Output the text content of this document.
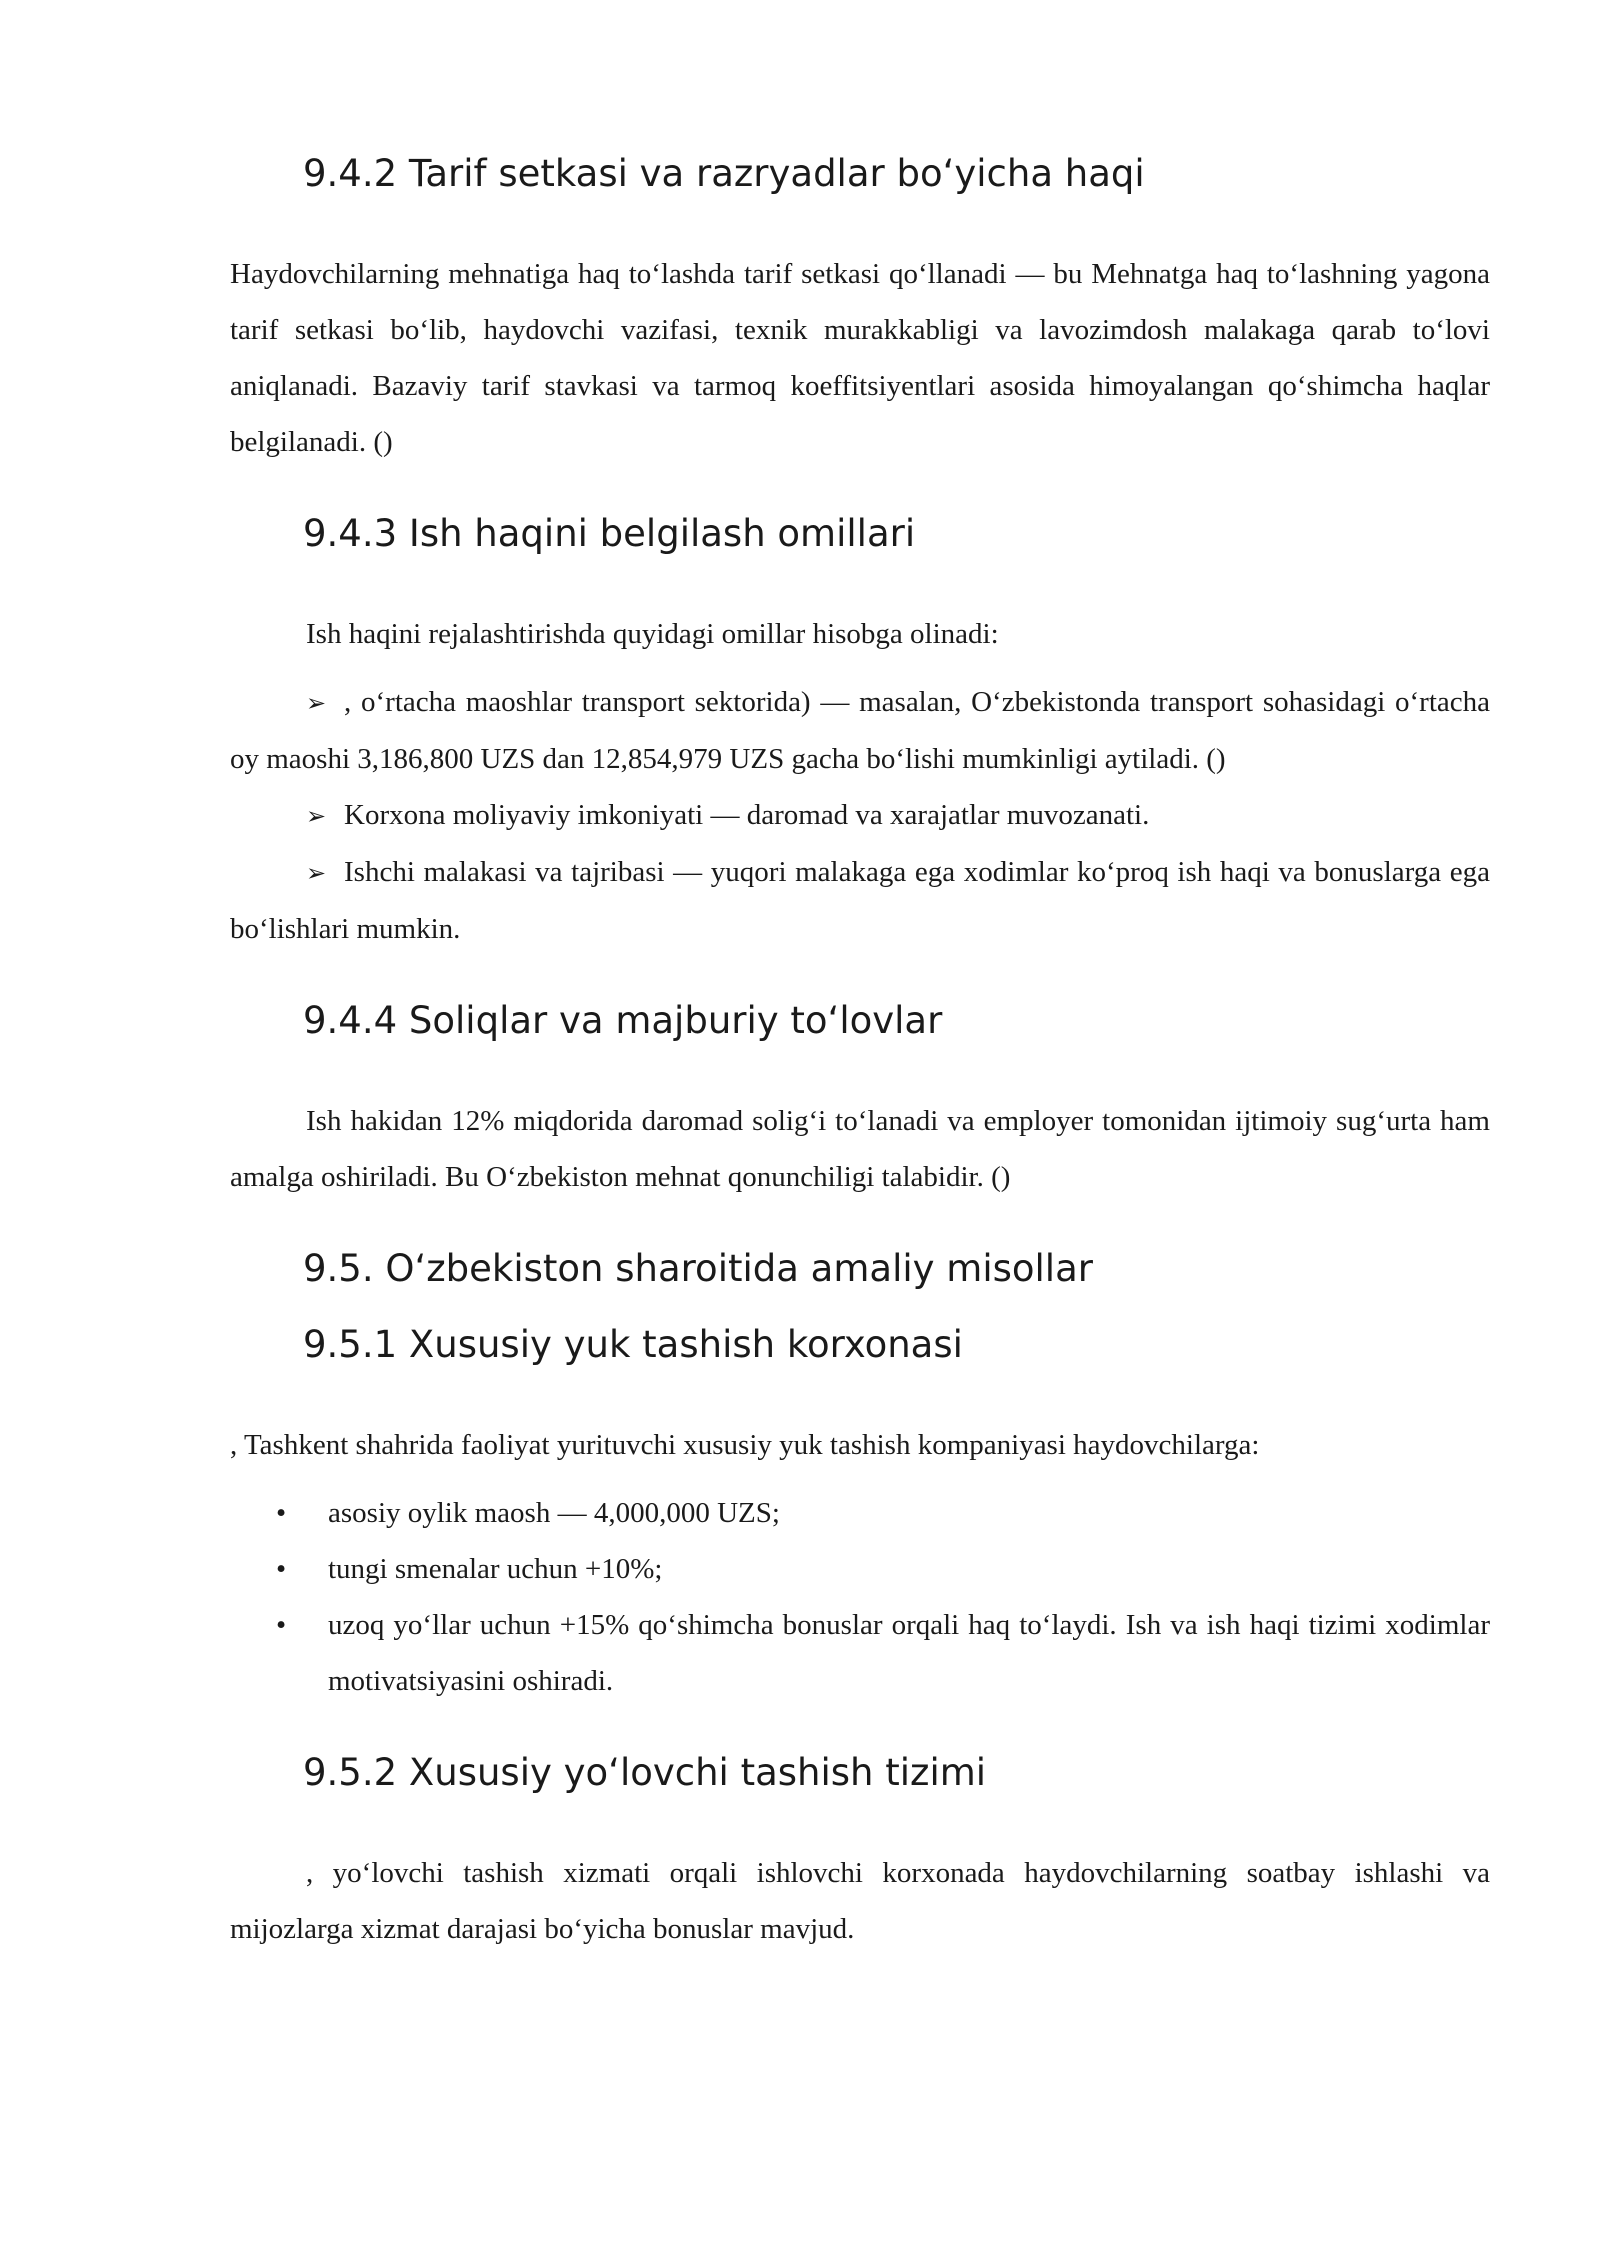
9.4.2 Tarif setkasi va razryadlar bo‘yicha haqi

Haydovchilarning mehnatiga haq to‘lashda tarif setkasi qo‘llanadi — bu Mehnatga haq to‘lashning yagona tarif setkasi bo‘lib, haydovchi vazifasi, texnik murakkabligi va lavozimdosh malakaga qarab to‘lovi aniqlanadi. Bazaviy tarif stavkasi va tarmoq koeffitsiyentlari asosida himoyalangan qo‘shimcha haqlar belgilanadi. ()

9.4.3 Ish haqini belgilash omillari

Ish haqini rejalashtirishda quyidagi omillar hisobga olinadi:

➢ , o‘rtacha maoshlar transport sektorida) — masalan, O‘zbekistonda transport sohasidagi o‘rtacha oy maoshi 3,186,800 UZS dan 12,854,979 UZS gacha bo‘lishi mumkinligi aytiladi. ()

➢ Korxona moliyaviy imkoniyati — daromad va xarajatlar muvozanati.

➢ Ishchi malakasi va tajribasi — yuqori malakaga ega xodimlar ko‘proq ish haqi va bonuslarga ega bo‘lishlari mumkin.

9.4.4 Soliqlar va majburiy to‘lovlar

Ish hakidan 12% miqdorida daromad solig‘i to‘lanadi va employer tomonidan ijtimoiy sug‘urta ham amalga oshiriladi. Bu O‘zbekiston mehnat qonunchiligi talabidir. ()

9.5. O‘zbekiston sharoitida amaliy misollar
9.5.1 Xususiy yuk tashish korxonasi

, Tashkent shahrida faoliyat yurituvchi xususiy yuk tashish kompaniyasi haydovchilarga:

• asosiy oylik maosh — 4,000,000 UZS;
• tungi smenalar uchun +10%;
• uzoq yo‘llar uchun +15% qo‘shimcha bonuslar orqali haq to‘laydi. Ish va ish haqi tizimi xodimlar motivatsiyasini oshiradi.
9.5.2 Xususiy yo‘lovchi tashish tizimi

, yo‘lovchi tashish xizmati orqali ishlovchi korxonada haydovchilarning soatbay ishlashi va mijozlarga xizmat darajasi bo‘yicha bonuslar mavjud.
